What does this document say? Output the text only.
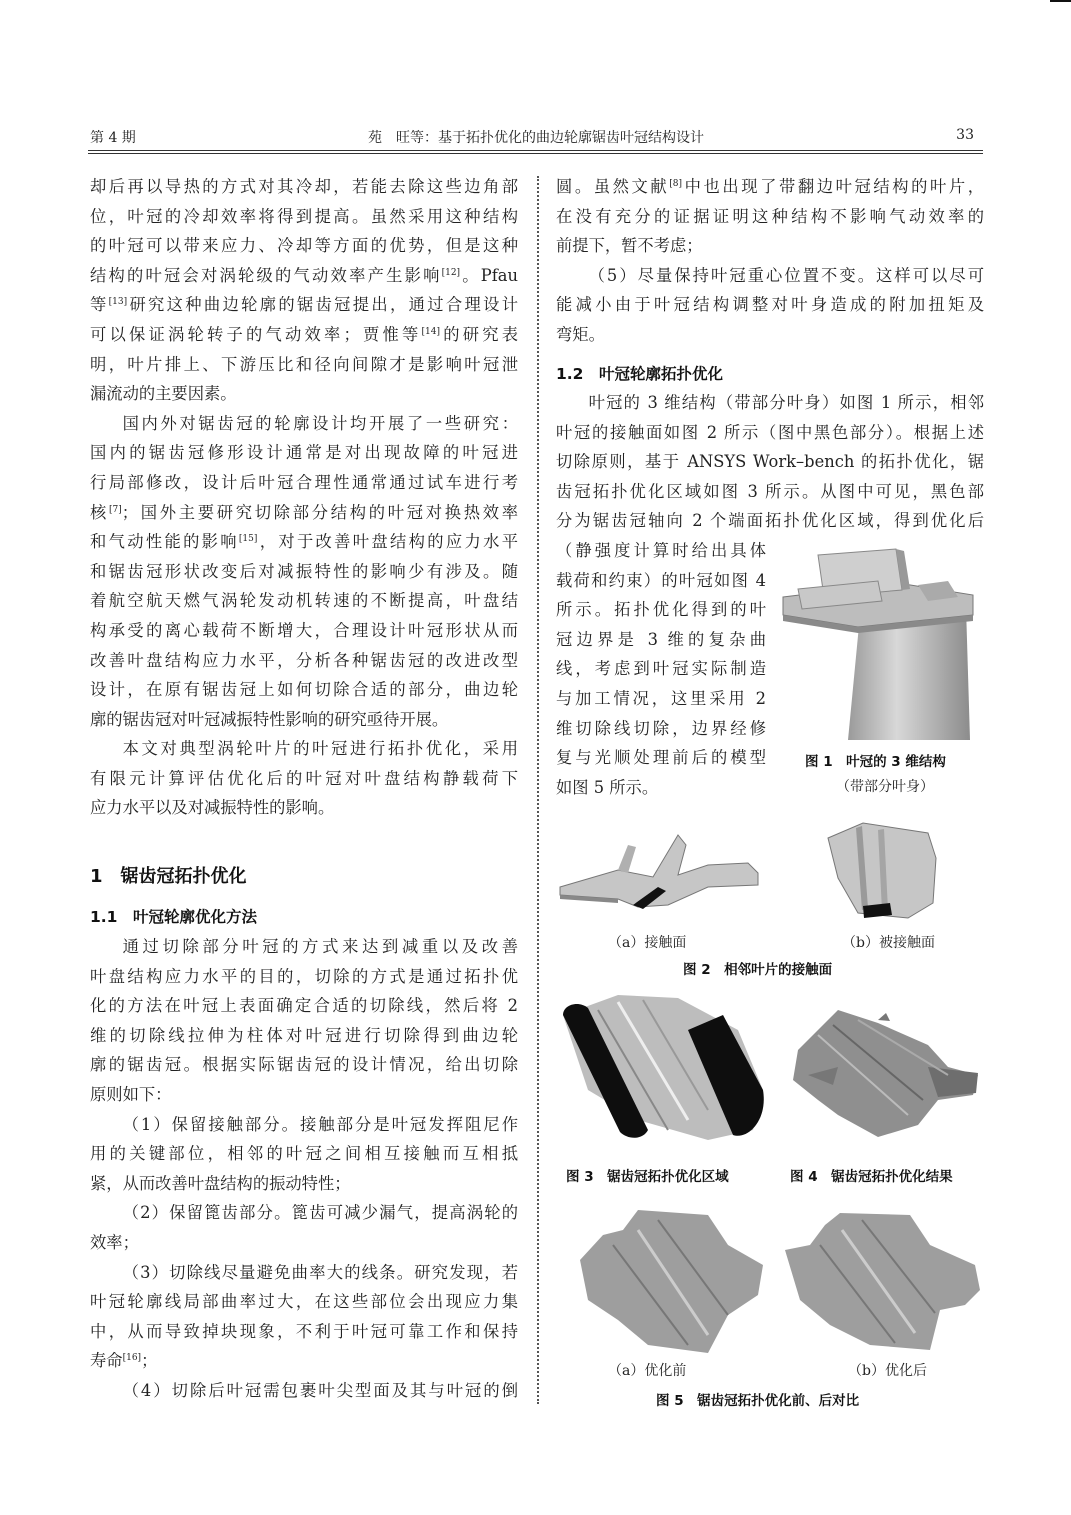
第 4 期	苑　旺等：基于拓扑优化的曲边轮廓锯齿叶冠结构设计	33
却后再以导热的方式对其冷却，若能去除这些边角部
位，叶冠的冷却效率将得到提高。虽然采用这种结构
的叶冠可以带来应力、冷却等方面的优势，但是这种
结构的叶冠会对涡轮级的气动效率产生影响[12]。Pfau
等[13]研究这种曲边轮廓的锯齿冠提出，通过合理设计
可以保证涡轮转子的气动效率；贾惟等[14]的研究表
明，叶片排上、下游压比和径向间隙才是影响叶冠泄
漏流动的主要因素。
国内外对锯齿冠的轮廓设计均开展了一些研究：
国内的锯齿冠修形设计通常是对出现故障的叶冠进
行局部修改，设计后叶冠合理性通常通过试车进行考
核[7]；国外主要研究切除部分结构的叶冠对换热效率
和气动性能的影响[15]，对于改善叶盘结构的应力水平
和锯齿冠形状改变后对减振特性的影响少有涉及。随
着航空航天燃气涡轮发动机转速的不断提高，叶盘结
构承受的离心载荷不断增大，合理设计叶冠形状从而
改善叶盘结构应力水平，分析各种锯齿冠的改进改型
设计，在原有锯齿冠上如何切除合适的部分，曲边轮
廓的锯齿冠对叶冠减振特性影响的研究亟待开展。
本文对典型涡轮叶片的叶冠进行拓扑优化，采用
有限元计算评估优化后的叶冠对叶盘结构静载荷下
应力水平以及对减振特性的影响。
1　锯齿冠拓扑优化
1.1　叶冠轮廓优化方法
通过切除部分叶冠的方式来达到减重以及改善
叶盘结构应力水平的目的，切除的方式是通过拓扑优
化的方法在叶冠上表面确定合适的切除线，然后将 2
维的切除线拉伸为柱体对叶冠进行切除得到曲边轮
廓的锯齿冠。根据实际锯齿冠的设计情况，给出切除
原则如下：
（1）保留接触部分。接触部分是叶冠发挥阻尼作
用的关键部位，相邻的叶冠之间相互接触而互相抵
紧，从而改善叶盘结构的振动特性；
（2）保留篦齿部分。篦齿可减少漏气，提高涡轮的
效率；
（3）切除线尽量避免曲率大的线条。研究发现，若
叶冠轮廓线局部曲率过大，在这些部位会出现应力集
中，从而导致掉块现象，不利于叶冠可靠工作和保持
寿命[16]；
（4）切除后叶冠需包裹叶尖型面及其与叶冠的倒
圆。虽然文献[8]中也出现了带翻边叶冠结构的叶片，
在没有充分的证据证明这种结构不影响气动效率的
前提下，暂不考虑；
（5）尽量保持叶冠重心位置不变。这样可以尽可
能减小由于叶冠结构调整对叶身造成的附加扭矩及
弯矩。
1.2　叶冠轮廓拓扑优化
叶冠的 3 维结构（带部分叶身）如图 1 所示，相邻
叶冠的接触面如图 2 所示（图中黑色部分）。根据上述
切除原则，基于 ANSYS Work–bench 的拓扑优化，锯
齿冠拓扑优化区域如图 3 所示。从图中可见，黑色部
分为锯齿冠轴向 2 个端面拓扑优化区域，得到优化后
（静强度计算时给出具体
载荷和约束）的叶冠如图 4
所示。拓扑优化得到的叶
冠边界是 3 维的复杂曲
线，考虑到叶冠实际制造
与加工情况，这里采用 2
维切除线切除，边界经修
复与光顺处理前后的模型
如图 5 所示。
图 1　叶冠的 3 维结构
（带部分叶身）
（a）接触面	（b）被接触面
图 2　相邻叶片的接触面
图 3　锯齿冠拓扑优化区域	图 4　锯齿冠拓扑优化结果
（a）优化前	（b）优化后
图 5　锯齿冠拓扑优化前、后对比
